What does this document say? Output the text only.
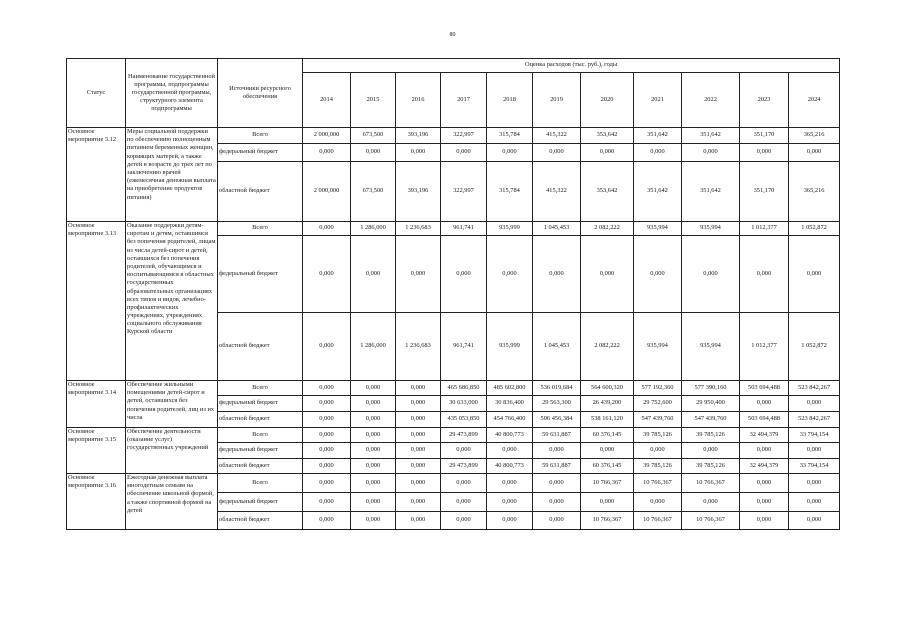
80
Статус	Наименование государственной программы, подпрограммы государственной программы, структурного элемента подпрограммы	Источники ресурсного обеспечения	Оценка расходов (тыс. руб.), годы										
			2014	2015	2016	2017	2018	2019	2020	2021	2022	2023	2024
Основное мероприятие 3.12	Меры социальной поддержки по обеспечению полноценным питанием беременных женщин, кормящих матерей, а также детей в возрасте до трех лет по заключению врачей (ежемесячная денежная выплата на приобретение продуктов питания)	Всего	2 000,000	673,500	393,196	322,997	315,784	415,322	353,642	351,642	351,642	351,170	365,216
		федеральный бюджет	0,000	0,000	0,000	0,000	0,000	0,000	0,000	0,000	0,000	0,000	0,000
		областной бюджет	2 000,000	673,500	393,196	322,997	315,784	415,322	353,642	351,642	351,642	351,170	365,216
Основное мероприятие 3.13	Оказание поддержки детям-сиротам и детям, оставшимся без попечения родителей, лицам из числа детей-сирот и детей, оставшихся без попечения родителей, обучающимся и воспитывающимся в областных государственных образовательных организациях всех типов и видов, лечебно-профилактических учреждениях, учреждениях социального обслуживания Курской области	Всего	0,000	1 286,000	1 236,683	961,741	935,999	1 045,453	2 082,222	935,994	935,994	1 012,377	1 052,872
		федеральный бюджет	0,000	0,000	0,000	0,000	0,000	0,000	0,000	0,000	0,000	0,000	0,000
		областной бюджет	0,000	1 286,000	1 236,683	961,741	935,999	1 045,453	2 082,222	935,994	935,994	1 012,377	1 052,872
Основное мероприятие 3.14	Обеспечение жильными помещениями детей-сирот и детей, оставшихся без попечения родителей, лиц из их числа	Всего	0,000	0,000	0,000	465 686,850	485 602,800	536 019,684	564 600,320	577 192,360	577 390,160	503 694,488	523 842,267
		федеральный бюджет	0,000	0,000	0,000	30 633,000	30 836,400	29 563,300	26 439,200	29 752,600	29 950,400	0,000	0,000
		областной бюджет	0,000	0,000	0,000	435 053,850	454 766,400	506 456,384	538 161,120	547 439,760	547 439,760	503 694,488	523 842,267
Основное мероприятие 3.15	Обеспечение деятельности (оказание услуг) государственных учреждений	Всего	0,000	0,000	0,000	29 473,899	40 800,773	59 631,887	60 376,145	39 785,126	39 785,126	32 494,379	33 794,154
		федеральный бюджет	0,000	0,000	0,000	0,000	0,000	0,000	0,000	0,000	0,000	0,000	0,000
		областной бюджет	0,000	0,000	0,000	29 473,899	40 800,773	59 631,887	60 376,145	39 785,126	39 785,126	32 494,379	33 794,154
Основное мероприятие 3.16	Ежегодная денежная выплата многодетным семьям на обеспечение школьной формой, а также спортивной формой на детей	Всего	0,000	0,000	0,000	0,000	0,000	0,000	10 766,367	10 766,367	10 766,367	0,000	0,000
		федеральный бюджет	0,000	0,000	0,000	0,000	0,000	0,000	0,000	0,000	0,000	0,000	0,000
		областной бюджет	0,000	0,000	0,000	0,000	0,000	0,000	10 766,367	10 766,367	10 766,367	0,000	0,000
